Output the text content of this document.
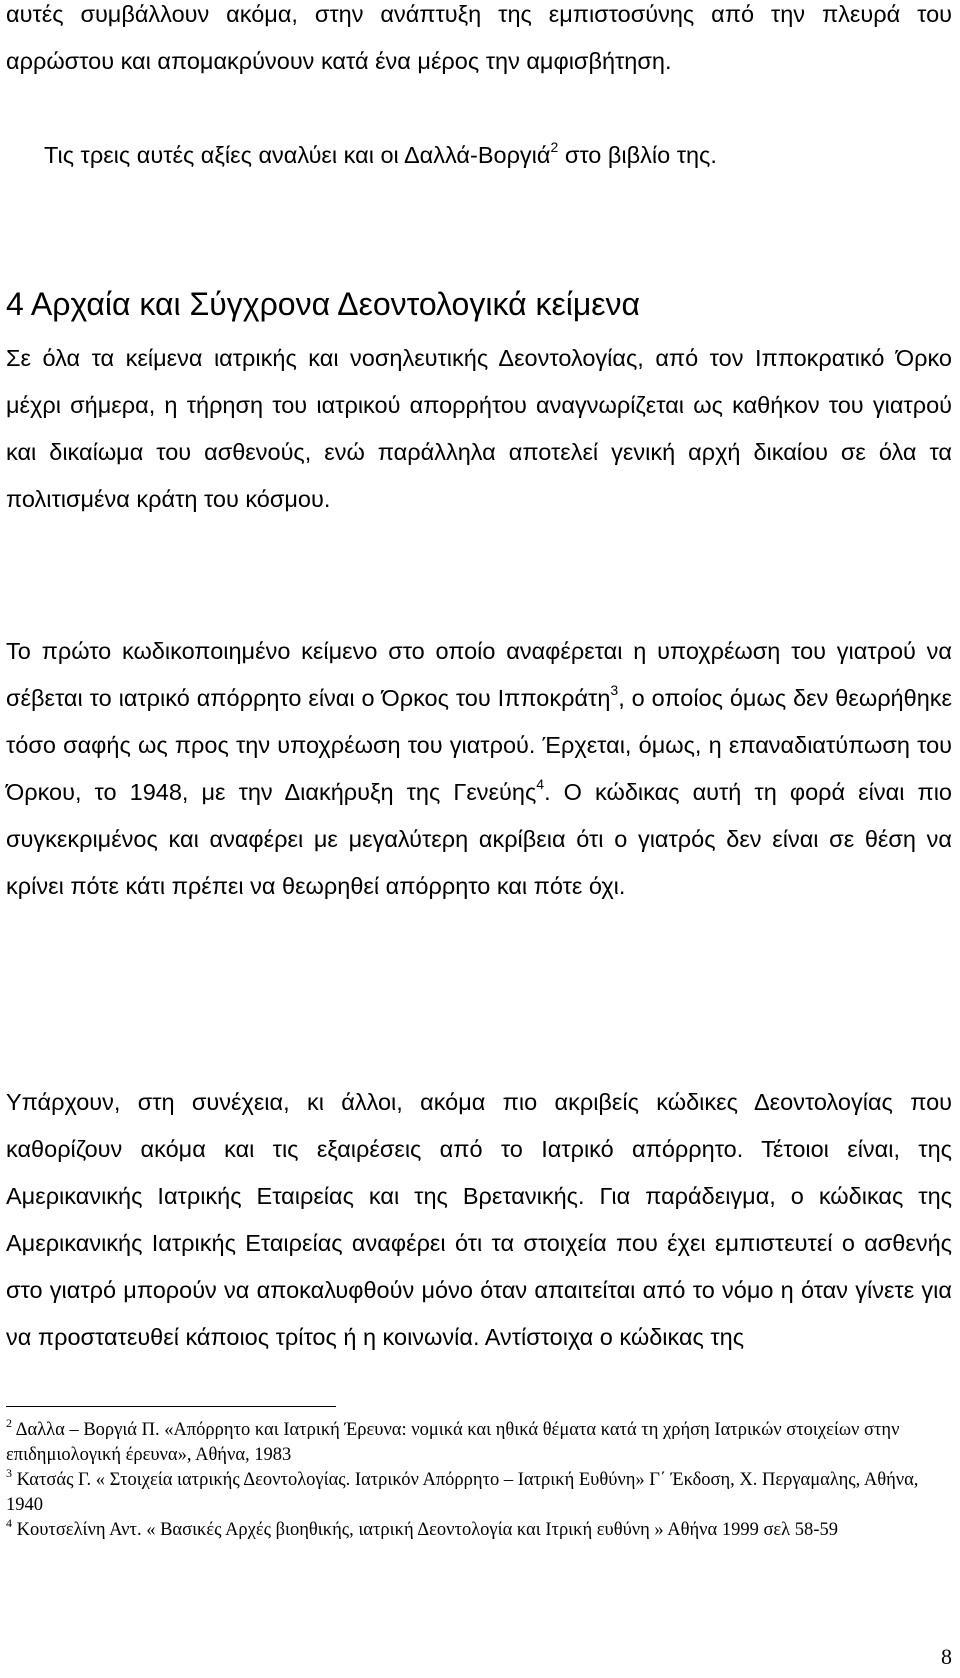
αυτές συμβάλλουν ακόμα, στην ανάπτυξη της εμπιστοσύνης από την πλευρά του αρρώστου και απομακρύνουν κατά ένα μέρος την αμφισβήτηση.

Τις τρεις αυτές αξίες αναλύει και οι Δαλλά-Βοργιά$^2$ στο βιβλίο της.

4 Αρχαία και Σύγχρονα Δεοντολογικά κείμενα

Σε όλα τα κείμενα ιατρικής και νοσηλευτικής Δεοντολογίας, από τον Ιπποκρατικό Όρκο μέχρι σήμερα, η τήρηση του ιατρικού απορρήτου αναγνωρίζεται ως καθήκον του γιατρού και δικαίωμα του ασθενούς, ενώ παράλληλα αποτελεί γενική αρχή δικαίου σε όλα τα πολιτισμένα κράτη του κόσμου.

Το πρώτο κωδικοποιημένο κείμενο στο οποίο αναφέρεται η υποχρέωση του γιατρού να σέβεται το ιατρικό απόρρητο είναι ο Όρκος του Ιπποκράτη$^3$, ο οποίος όμως δεν θεωρήθηκε τόσο σαφής ως προς την υποχρέωση του γιατρού. Έρχεται, όμως, η επαναδιατύπωση του Όρκου, το 1948, με την Διακήρυξη της Γενεύης$^4$. Ο κώδικας αυτή τη φορά είναι πιο συγκεκριμένος και αναφέρει με μεγαλύτερη ακρίβεια ότι ο γιατρός δεν είναι σε θέση να κρίνει πότε κάτι πρέπει να θεωρηθεί απόρρητο και πότε όχι.

Υπάρχουν, στη συνέχεια, κι άλλοι, ακόμα πιο ακριβείς κώδικες Δεοντολογίας που καθορίζουν ακόμα και τις εξαιρέσεις από το Ιατρικό απόρρητο. Τέτοιοι είναι, της Αμερικανικής Ιατρικής Εταιρείας και της Βρετανικής. Για παράδειγμα, ο κώδικας της Αμερικανικής Ιατρικής Εταιρείας αναφέρει ότι τα στοιχεία που έχει εμπιστευτεί ο ασθενής στο γιατρό μπορούν να αποκαλυφθούν μόνο όταν απαιτείται από το νόμο η όταν γίνετε για να προστατευθεί κάποιος τρίτος ή η κοινωνία. Αντίστοιχα ο κώδικας της

$^2$ Δαλλα – Βοργιά Π. «Απόρρητο και Ιατρική Έρευνα: νομικά και ηθικά θέματα κατά τη χρήση Ιατρικών στοιχείων στην επιδημιολογική έρευνα», Αθήνα, 1983

$^3$ Κατσάς Γ. « Στοιχεία ιατρικής Δεοντολογίας. Ιατρικόν Απόρρητο – Ιατρική Ευθύνη» Γ΄ Έκδοση, Χ. Περγαμαλης, Αθήνα, 1940

$^4$ Κουτσελίνη Αντ. « Βασικές Αρχές βιοηθικής, ιατρική Δεοντολογία και Ιτρική ευθύνη » Αθήνα 1999 σελ 58-59

8
